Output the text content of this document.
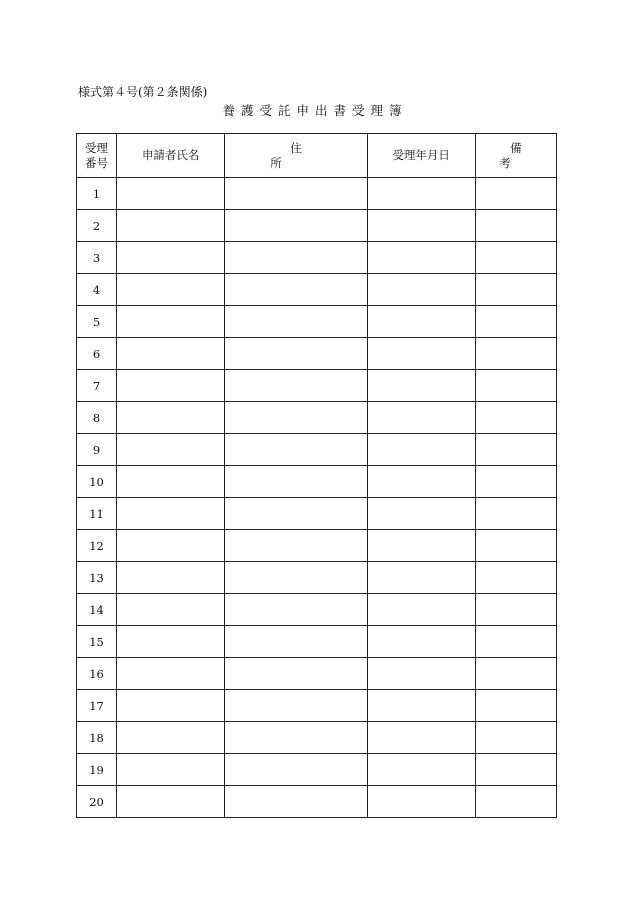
様式第４号(第２条関係)
養護受託申出書受理簿
受理
番号	申請者氏名	住所	受理年月日	備考
1				
2				
3				
4				
5				
6				
7				
8				
9				
10				
11				
12				
13				
14				
15				
16				
17				
18				
19				
20				
